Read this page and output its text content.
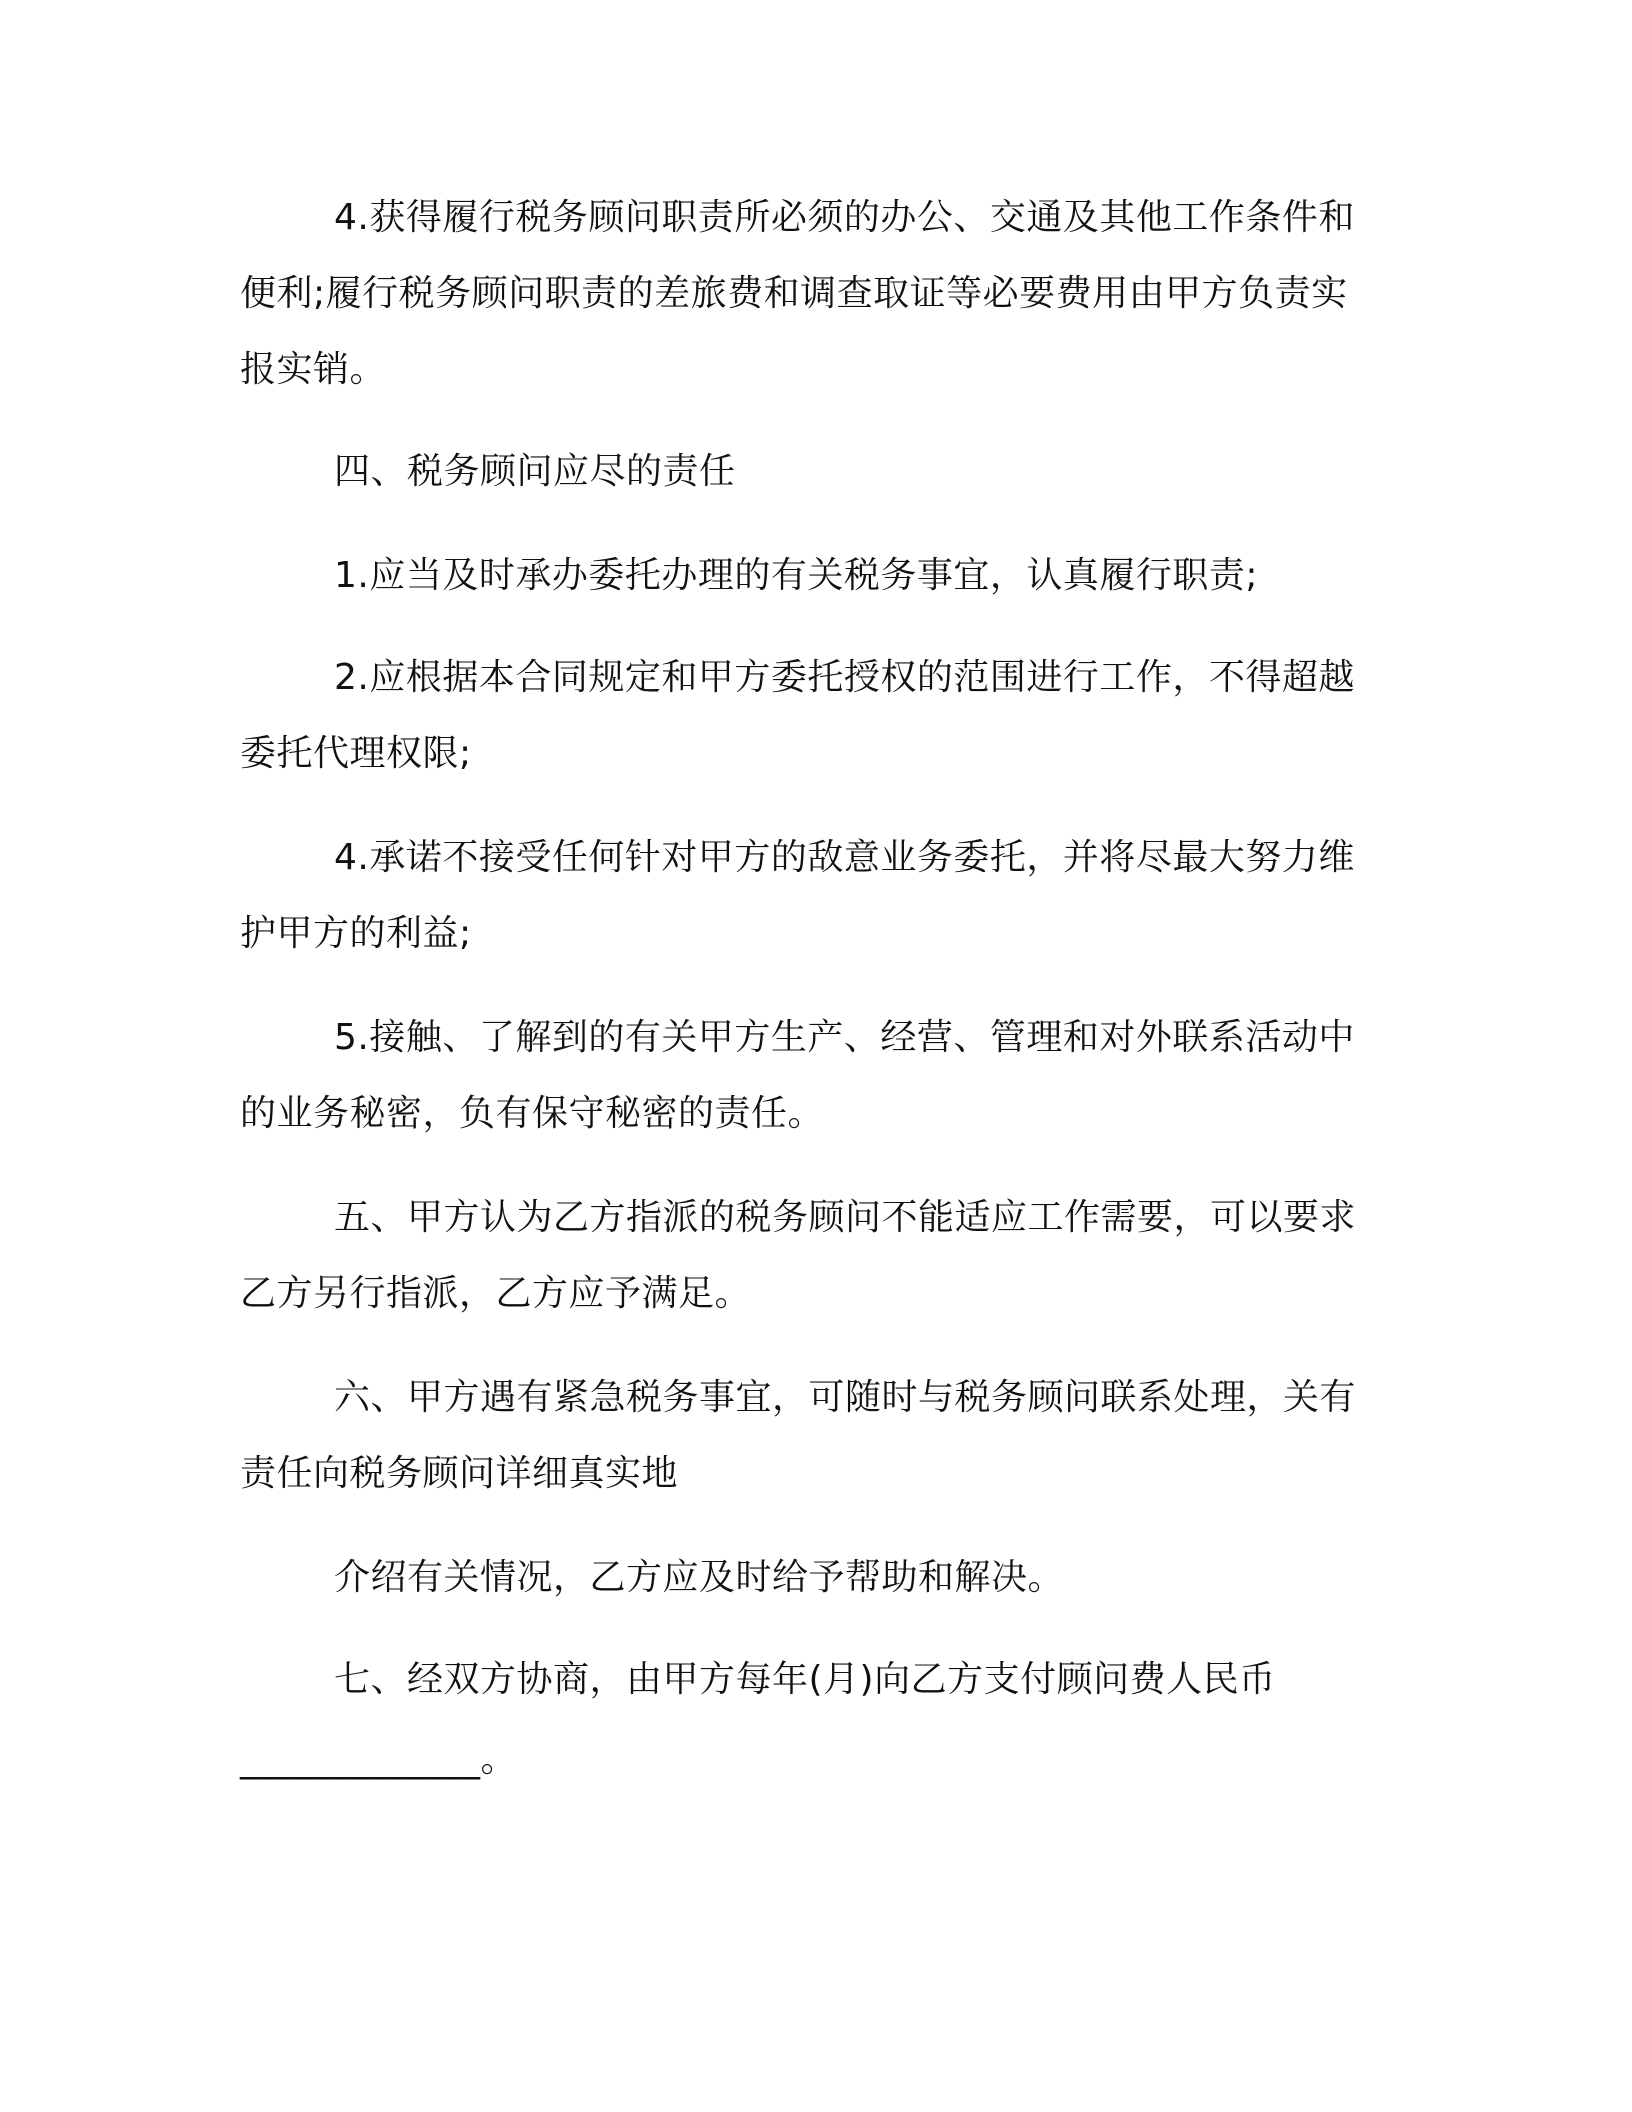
4.获得履行税务顾问职责所必须的办公、交通及其他工作条件和
便利;履行税务顾问职责的差旅费和调查取证等必要费用由甲方负责实
报实销。
四、税务顾问应尽的责任
1.应当及时承办委托办理的有关税务事宜，认真履行职责;
2.应根据本合同规定和甲方委托授权的范围进行工作，不得超越
委托代理权限;
4.承诺不接受任何针对甲方的敌意业务委托，并将尽最大努力维
护甲方的利益;
5.接触、了解到的有关甲方生产、经营、管理和对外联系活动中
的业务秘密，负有保守秘密的责任。
五、甲方认为乙方指派的税务顾问不能适应工作需要，可以要求
乙方另行指派，乙方应予满足。
六、甲方遇有紧急税务事宜，可随时与税务顾问联系处理，关有
责任向税务顾问详细真实地
介绍有关情况，乙方应及时给予帮助和解决。
七、经双方协商，由甲方每年(月)向乙方支付顾问费人民币
_____________。
